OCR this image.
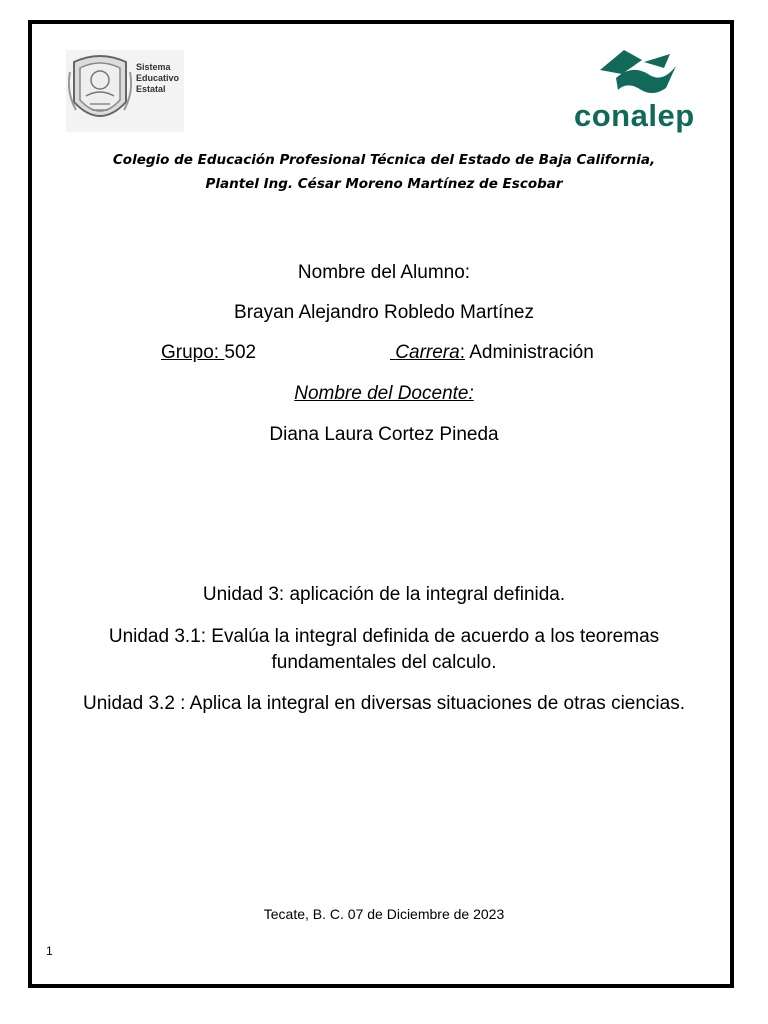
Sistema
Educativo
Estatal
conalep
Colegio de Educación Profesional Técnica del Estado de Baja California,
Plantel Ing. César Moreno Martínez de Escobar
Nombre del Alumno:
Brayan Alejandro Robledo Martínez
Grupo: 502	Carrera: Administración
Nombre del Docente:
Diana Laura Cortez Pineda
Unidad 3: aplicación de la integral definida.
Unidad 3.1: Evalúa la integral definida de acuerdo a los teoremas
fundamentales del calculo.
Unidad 3.2 : Aplica la integral en diversas situaciones de otras ciencias.
Tecate, B. C. 07 de Diciembre de 2023
1
